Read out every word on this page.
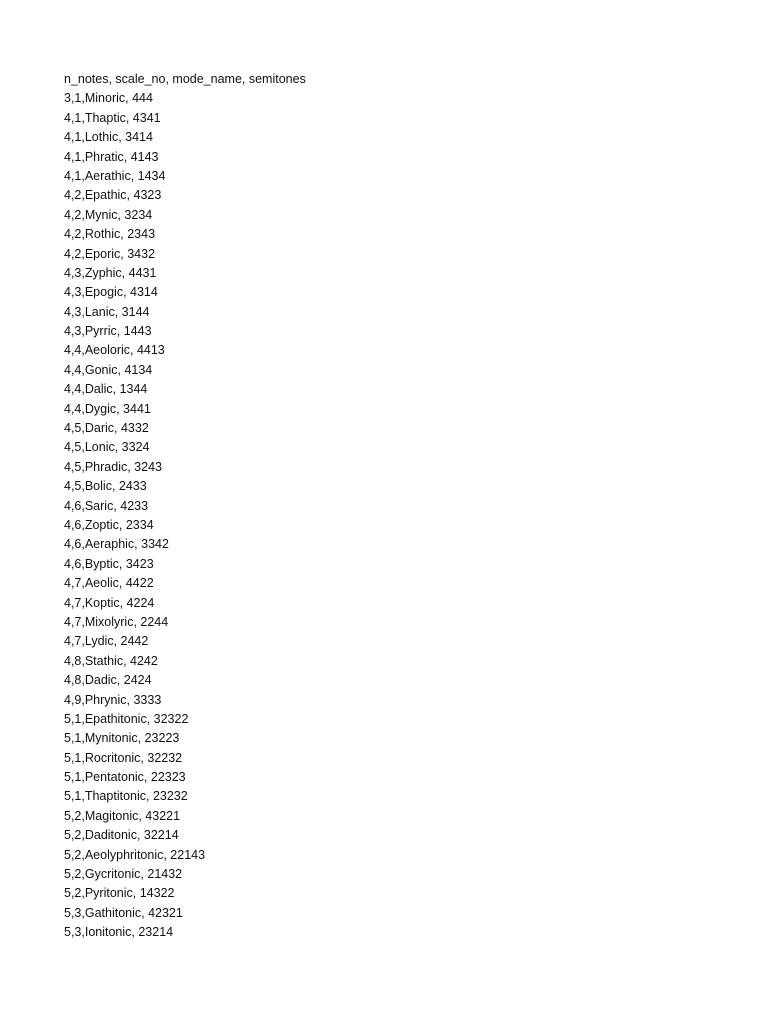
n_notes, scale_no, mode_name, semitones
3,1,Minoric, 444
4,1,Thaptic, 4341
4,1,Lothic, 3414
4,1,Phratic, 4143
4,1,Aerathic, 1434
4,2,Epathic, 4323
4,2,Mynic, 3234
4,2,Rothic, 2343
4,2,Eporic, 3432
4,3,Zyphic, 4431
4,3,Epogic, 4314
4,3,Lanic, 3144
4,3,Pyrric, 1443
4,4,Aeoloric, 4413
4,4,Gonic, 4134
4,4,Dalic, 1344
4,4,Dygic, 3441
4,5,Daric, 4332
4,5,Lonic, 3324
4,5,Phradic, 3243
4,5,Bolic, 2433
4,6,Saric, 4233
4,6,Zoptic, 2334
4,6,Aeraphic, 3342
4,6,Byptic, 3423
4,7,Aeolic, 4422
4,7,Koptic, 4224
4,7,Mixolyric, 2244
4,7,Lydic, 2442
4,8,Stathic, 4242
4,8,Dadic, 2424
4,9,Phrynic, 3333
5,1,Epathitonic, 32322
5,1,Mynitonic, 23223
5,1,Rocritonic, 32232
5,1,Pentatonic, 22323
5,1,Thaptitonic, 23232
5,2,Magitonic, 43221
5,2,Daditonic, 32214
5,2,Aeolyphritonic, 22143
5,2,Gycritonic, 21432
5,2,Pyritonic, 14322
5,3,Gathitonic, 42321
5,3,Ionitonic, 23214
